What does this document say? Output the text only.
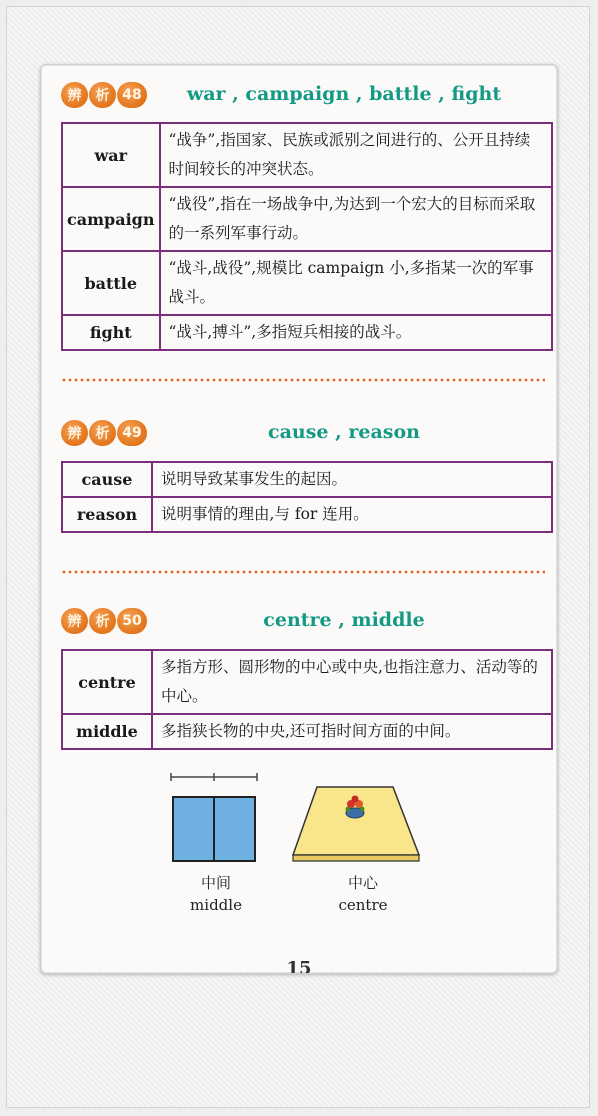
辨	析 48	war , campaign , battle , fight
war	“战争”,指国家、民族或派别之间进行的、公开且持续时间较长的冲突状态。
campaign	“战役”,指在一场战争中,为达到一个宏大的目标而采取的一系列军事行动。
battle	“战斗,战役”,规模比 campaign 小,多指某一次的军事战斗。
fight	“战斗,搏斗”,多指短兵相接的战斗。
辨	析 49	cause , reason
cause	说明导致某事发生的起因。
reason	说明事情的理由,与 for 连用。
辨	析 50	centre , middle
centre	多指方形、圆形物的中心或中央,也指注意力、活动等的中心。
middle	多指狭长物的中央,还可指时间方面的中间。
中间
middle
中心
centre
15
